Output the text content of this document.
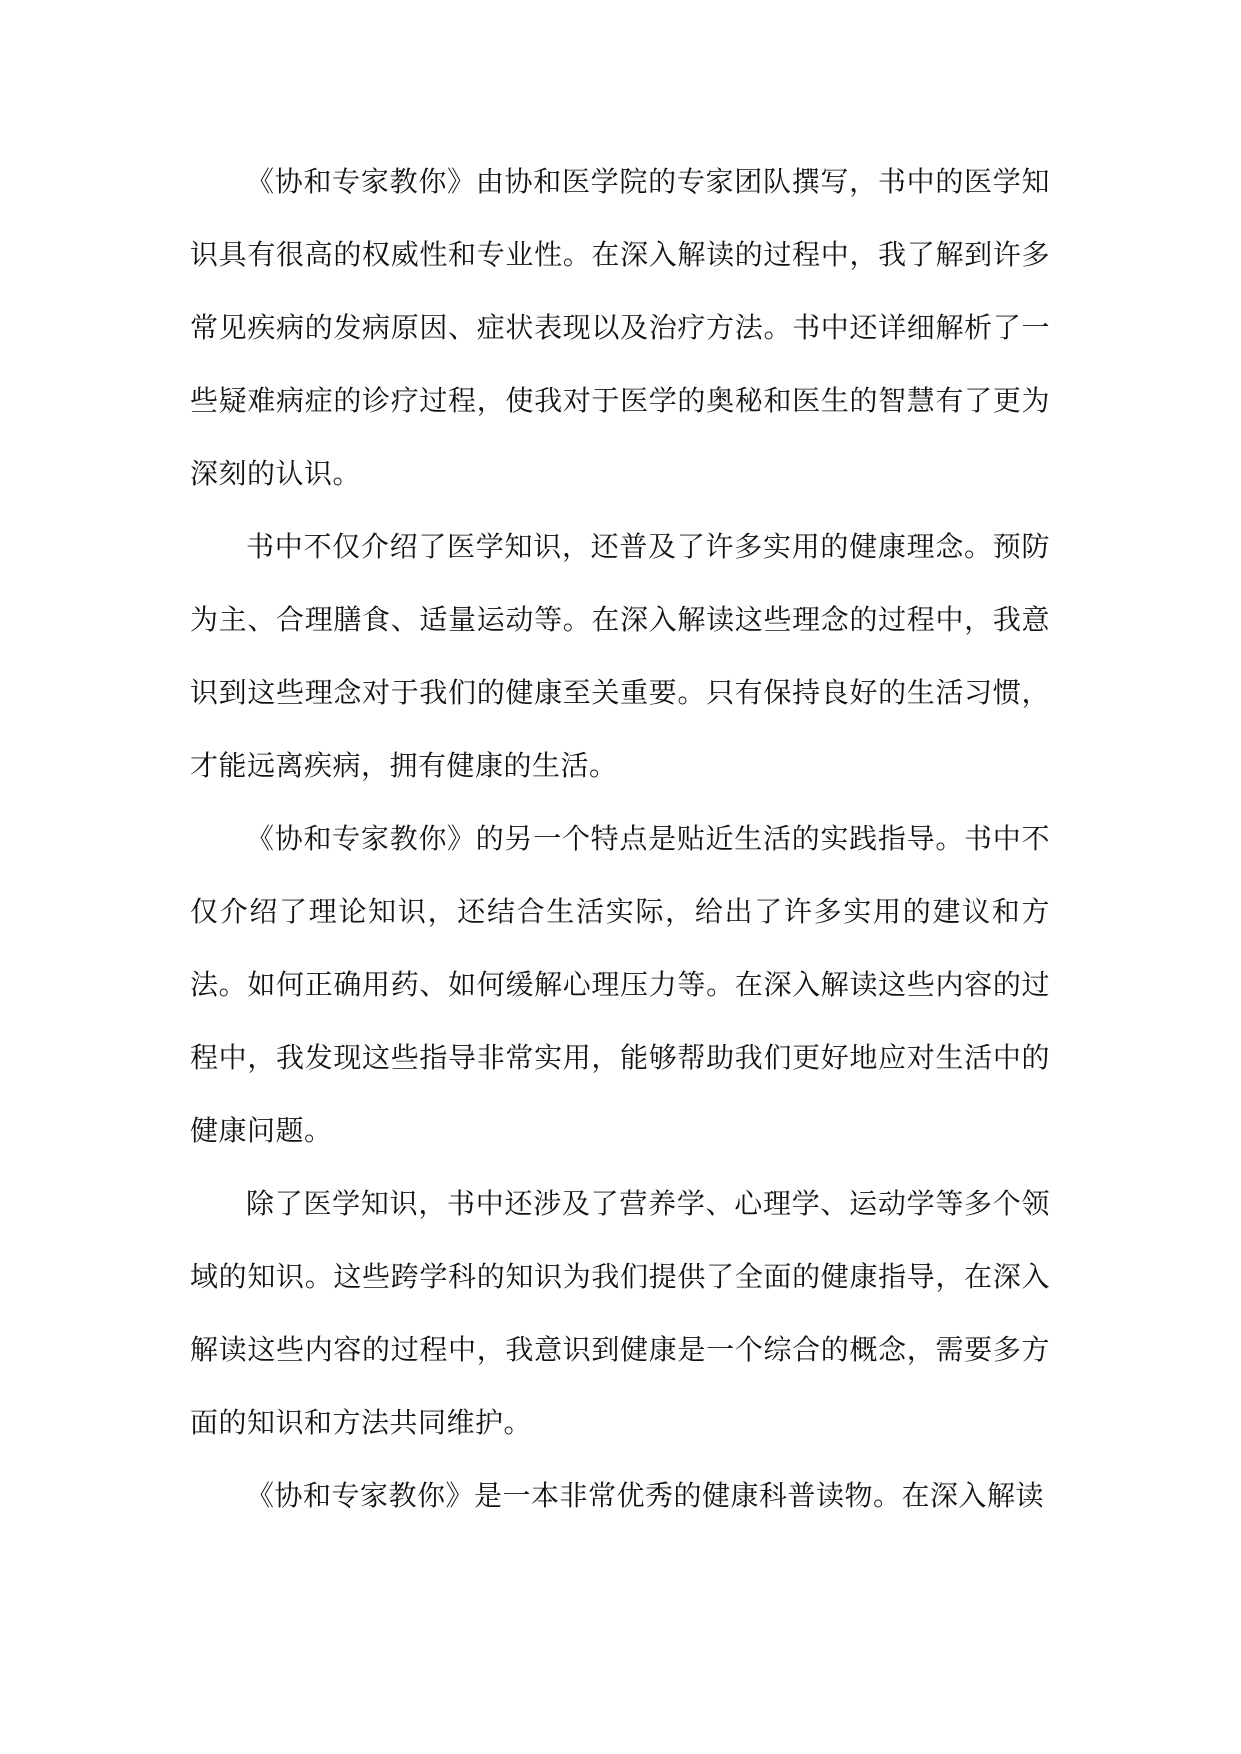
《协和专家教你》由协和医学院的专家团队撰写，书中的医学知识具有很高的权威性和专业性。在深入解读的过程中，我了解到许多常见疾病的发病原因、症状表现以及治疗方法。书中还详细解析了一些疑难病症的诊疗过程，使我对于医学的奥秘和医生的智慧有了更为深刻的认识。

书中不仅介绍了医学知识，还普及了许多实用的健康理念。预防为主、合理膳食、适量运动等。在深入解读这些理念的过程中，我意识到这些理念对于我们的健康至关重要。只有保持良好的生活习惯，才能远离疾病，拥有健康的生活。

《协和专家教你》的另一个特点是贴近生活的实践指导。书中不仅介绍了理论知识，还结合生活实际，给出了许多实用的建议和方法。如何正确用药、如何缓解心理压力等。在深入解读这些内容的过程中，我发现这些指导非常实用，能够帮助我们更好地应对生活中的健康问题。

除了医学知识，书中还涉及了营养学、心理学、运动学等多个领域的知识。这些跨学科的知识为我们提供了全面的健康指导，在深入解读这些内容的过程中，我意识到健康是一个综合的概念，需要多方面的知识和方法共同维护。

《协和专家教你》是一本非常优秀的健康科普读物。在深入解读
